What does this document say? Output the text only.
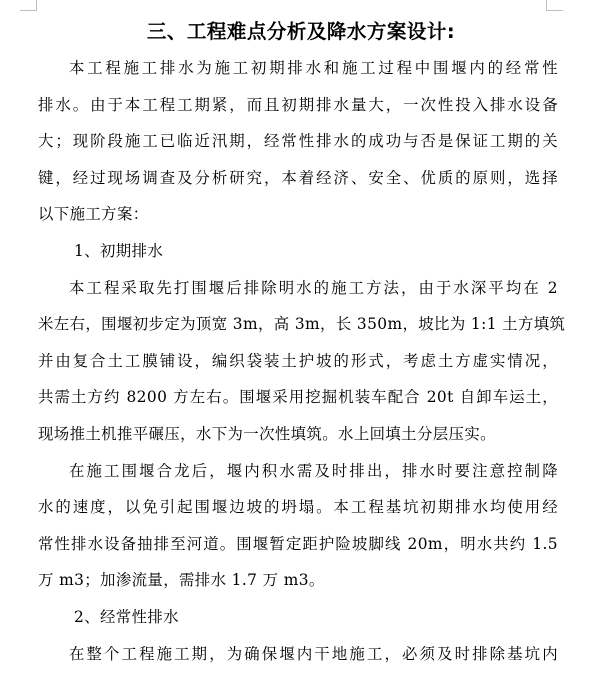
三、工程难点分析及降水方案设计:
本工程施工排水为施工初期排水和施工过程中围堰内的经常性
排水。由于本工程工期紧，而且初期排水量大，一次性投入排水设备
大；现阶段施工已临近汛期，经常性排水的成功与否是保证工期的关
键，经过现场调查及分析研究，本着经济、安全、优质的原则，选择
以下施工方案：
1、初期排水
本工程采取先打围堰后排除明水的施工方法，由于水深平均在 2
米左右，围堰初步定为顶宽 3m，高 3m，长 350m，坡比为 1:1 土方填筑
并由复合土工膜铺设，编织袋装土护坡的形式，考虑土方虚实情况，
共需土方约 8200 方左右。围堰采用挖掘机装车配合 20t 自卸车运土，
现场推土机推平碾压，水下为一次性填筑。水上回填土分层压实。
在施工围堰合龙后，堰内积水需及时排出，排水时要注意控制降
水的速度，以免引起围堰边坡的坍塌。本工程基坑初期排水均使用经
常性排水设备抽排至河道。围堰暂定距护险坡脚线 20m，明水共约 1.5
万 m3；加渗流量，需排水 1.7 万 m3。
2、经常性排水
在整个工程施工期，为确保堰内干地施工，必须及时排除基坑内
